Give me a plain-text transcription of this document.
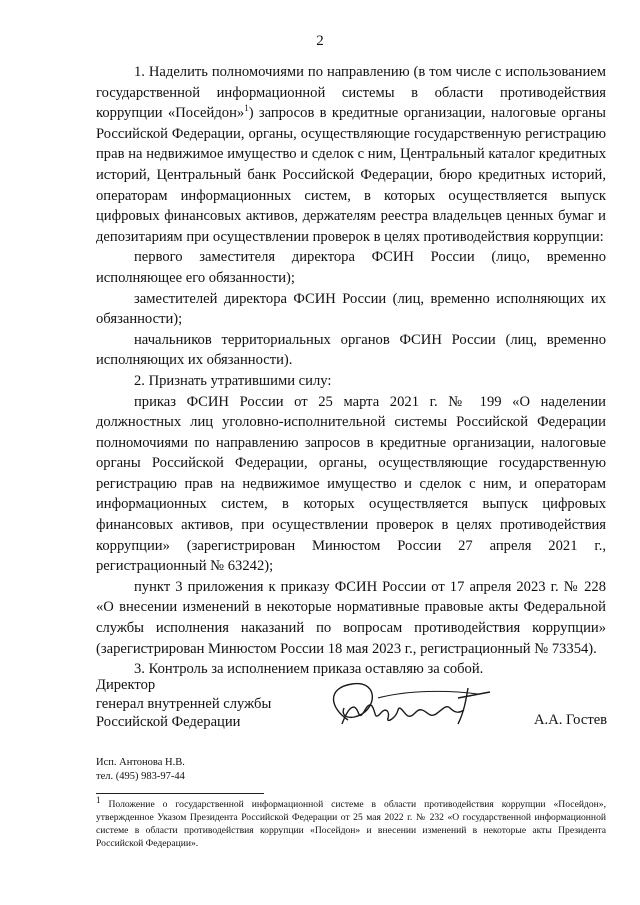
2

1. Наделить полномочиями по направлению (в том числе с использованием государственной информационной системы в области противодействия коррупции «Посейдон»$^1$) запросов в кредитные организации, налоговые органы Российской Федерации, органы, осуществляющие государственную регистрацию прав на недвижимое имущество и сделок с ним, Центральный каталог кредитных историй, Центральный банк Российской Федерации, бюро кредитных историй, операторам информационных систем, в которых осуществляется выпуск цифровых финансовых активов, держателям реестра владельцев ценных бумаг и депозитариям при осуществлении проверок в целях противодействия коррупции:

первого заместителя директора ФСИН России (лицо, временно исполняющее его обязанности);

заместителей директора ФСИН России (лиц, временно исполняющих их обязанности);

начальников территориальных органов ФСИН России (лиц, временно исполняющих их обязанности).

2. Признать утратившими силу:

приказ ФСИН России от 25 марта 2021 г. № 199 «О наделении должностных лиц уголовно-исполнительной системы Российской Федерации полномочиями по направлению запросов в кредитные организации, налоговые органы Российской Федерации, органы, осуществляющие государственную регистрацию прав на недвижимое имущество и сделок с ним, и операторам информационных систем, в которых осуществляется выпуск цифровых финансовых активов, при осуществлении проверок в целях противодействия коррупции» (зарегистрирован Минюстом России 27 апреля 2021 г., регистрационный № 63242);

пункт 3 приложения к приказу ФСИН России от 17 апреля 2023 г. № 228 «О внесении изменений в некоторые нормативные правовые акты Федеральной службы исполнения наказаний по вопросам противодействия коррупции» (зарегистрирован Минюстом России 18 мая 2023 г., регистрационный № 73354).

3. Контроль за исполнением приказа оставляю за собой.

Директор
генерал внутренней службы
Российской Федерации	А.А. Гостев
Исп. Антонова Н.В.
тел. (495) 983-97-44

$^1$ Положение о государственной информационной системе в области противодействия коррупции «Посейдон», утвержденное Указом Президента Российской Федерации от 25 мая 2022 г. № 232 «О государственной информационной системе в области противодействия коррупции «Посейдон» и внесении изменений в некоторые акты Президента Российской Федерации».
